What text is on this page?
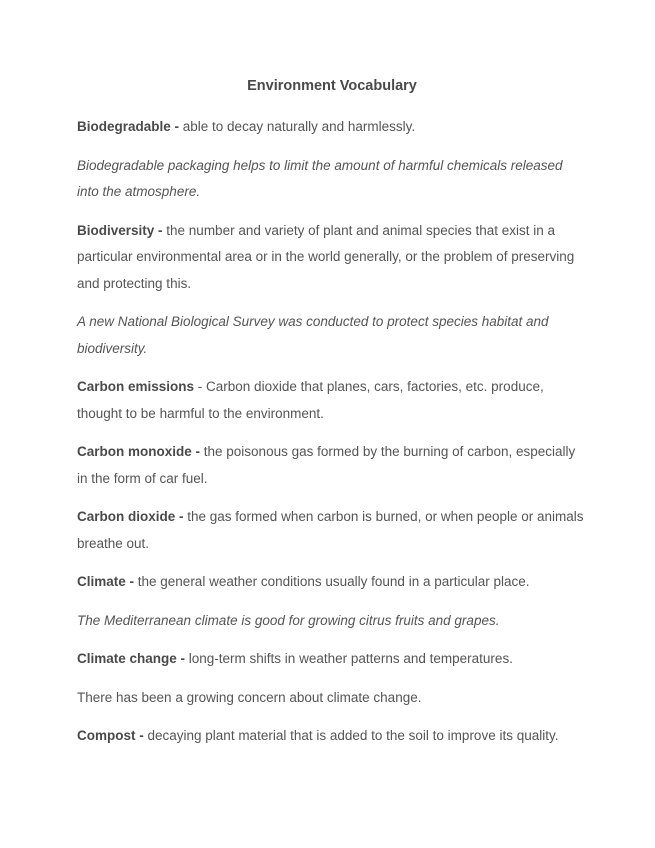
Environment Vocabulary

Biodegradable - able to decay naturally and harmlessly.

Biodegradable packaging helps to limit the amount of harmful chemicals released into the atmosphere.

Biodiversity - the number and variety of plant and animal species that exist in a particular environmental area or in the world generally, or the problem of preserving and protecting this.

A new National Biological Survey was conducted to protect species habitat and biodiversity.

Carbon emissions - Carbon dioxide that planes, cars, factories, etc. produce, thought to be harmful to the environment.

Carbon monoxide - the poisonous gas formed by the burning of carbon, especially in the form of car fuel.

Carbon dioxide - the gas formed when carbon is burned, or when people or animals breathe out.

Climate - the general weather conditions usually found in a particular place.

The Mediterranean climate is good for growing citrus fruits and grapes.

Climate change - long-term shifts in weather patterns and temperatures.

There has been a growing concern about climate change.

Compost - decaying plant material that is added to the soil to improve its quality.
